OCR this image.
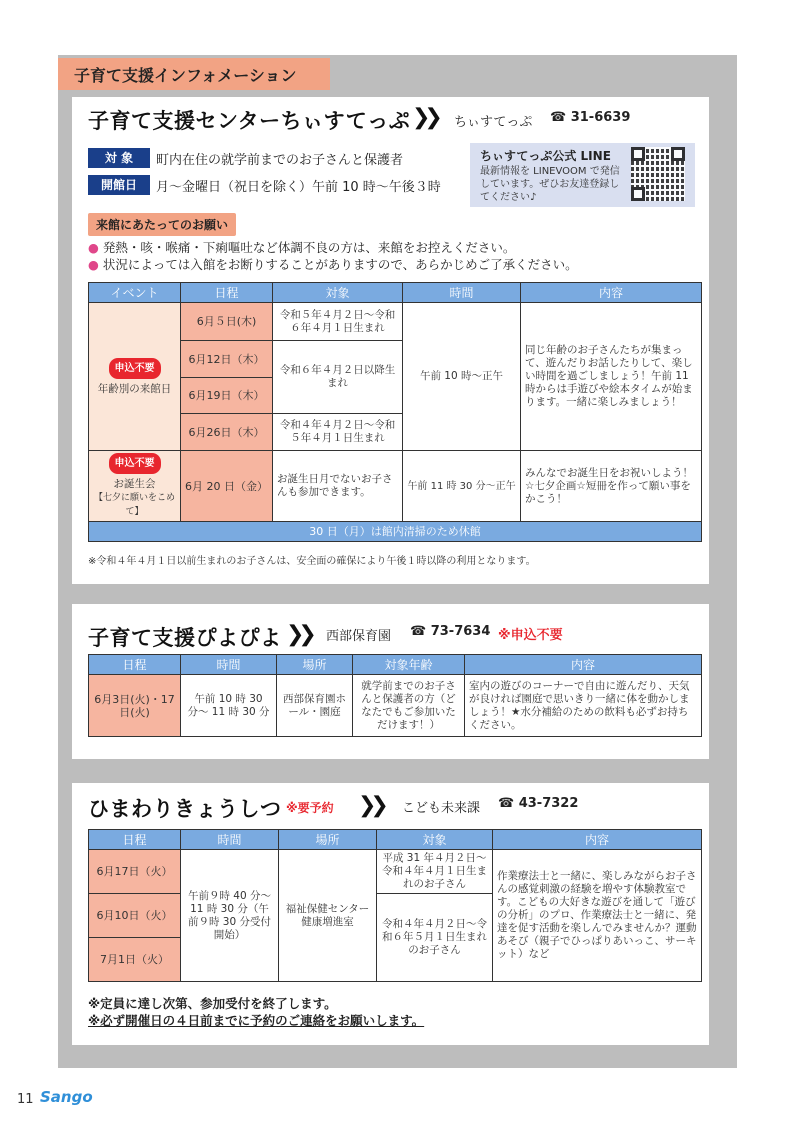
子育て支援インフォメーション
子育て支援センターちぃすてっぷ ❯❯ ちぃすてっぷ ☎ 31-6639
対 象	町内在住の就学前までのお子さんと保護者
開館日	月〜金曜日（祝日を除く）午前 10 時〜午後３時
ちぃすてっぷ公式 LINE
最新情報を LINEVOOM で発信しています。ぜひお友達登録してください♪
来館にあたってのお願い
● 発熱・咳・喉痛・下痢嘔吐など体調不良の方は、来館をお控えください。
● 状況によっては入館をお断りすることがありますので、あらかじめご了承ください。
イベント	日程	対象	時間	内容
申込不要
年齢別の来館日	6月５日(木)	令和５年４月２日〜令和６年４月１日生まれ	午前 10 時〜正午	同じ年齢のお子さんたちが集まって、遊んだりお話したりして、楽しい時間を過ごしましょう！午前 11 時からは手遊びや絵本タイムが始まります。一緒に楽しみましょう！
	6月12日（木）	令和６年４月２日以降生まれ		
	6月19日（木）			
	6月26日（木）	令和４年４月２日〜令和５年４月１日生まれ		
申込不要
お誕生会
【七夕に願いをこめて】	6月 20 日（金）	お誕生日月でないお子さんも参加できます。	午前 11 時 30 分〜正午	みんなでお誕生日をお祝いしよう！☆七夕企画☆短冊を作って願い事をかこう！
30 日（月）は館内清掃のため休館				
※令和４年４月１日以前生まれのお子さんは、安全面の確保により午後１時以降の利用となります。
子育て支援ぴよぴよ ❯❯ 西部保育園 ☎ 73-7634 ※申込不要
日程	時間	場所	対象年齢	内容
6月3日(火)・17日(火)	午前 10 時 30 分〜 11 時 30 分	西部保育園ホール・園庭	就学前までのお子さんと保護者の方（どなたでもご参加いただけます！）	室内の遊びのコーナーで自由に遊んだり、天気が良ければ園庭で思いきり一緒に体を動かしましょう！★水分補給のための飲料も必ずお持ちください。
ひまわりきょうしつ ※要予約 ❯❯ こども未来課 ☎ 43-7322
日程	時間	場所	対象	内容
6月17日（火）	午前９時 40 分〜 11 時 30 分（午前９時 30 分受付開始）	福祉保健センター健康増進室	平成 31 年４月２日〜令和４年４月１日生まれのお子さん	作業療法士と一緒に、楽しみながらお子さんの感覚刺激の経験を増やす体験教室です。こどもの大好きな遊びを通して「遊びの分析」のプロ、作業療法士と一緒に、発達を促す活動を楽しんでみませんか？運動あそび（親子でひっぱりあいっこ、サーキット）など
6月10日（火）			令和４年４月２日〜令和６年５月１日生まれのお子さん	
7月1日（火）				
※定員に達し次第、参加受付を終了します。
※必ず開催日の４日前までに予約のご連絡をお願いします。
11 Sango
